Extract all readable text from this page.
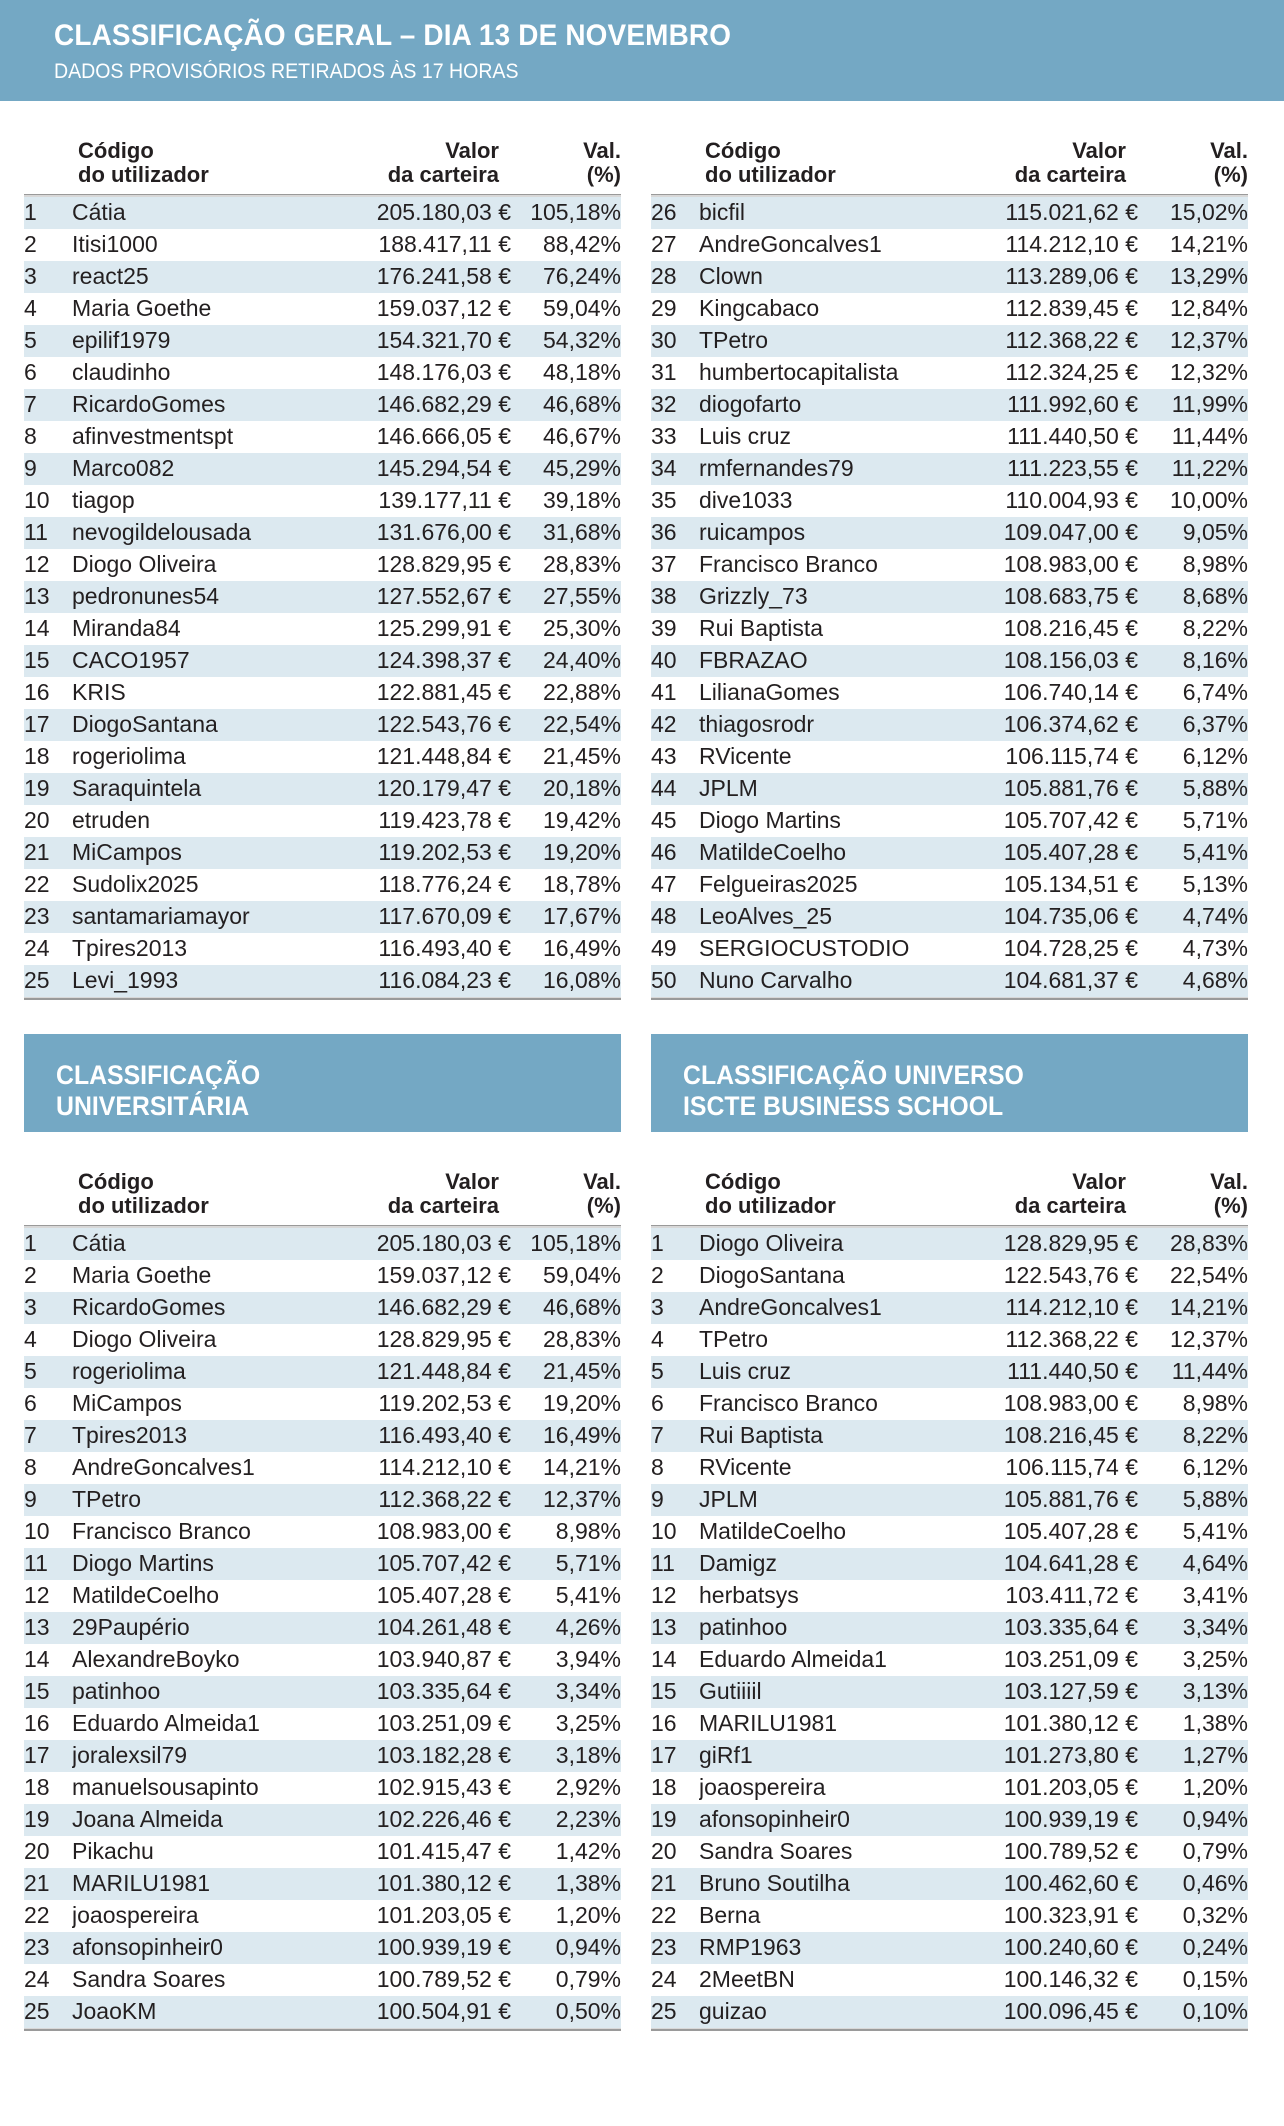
CLASSIFICAÇÃO GERAL – DIA 13 DE NOVEMBRO
DADOS PROVISÓRIOS RETIRADOS ÀS 17 HORAS
	Código
do utilizador	Valor
da carteira	Val.
(%)

1	Cátia	205.180,03 €	105,18%
2	Itisi1000	188.417,11 €	88,42%
3	react25	176.241,58 €	76,24%
4	Maria Goethe	159.037,12 €	59,04%
5	epilif1979	154.321,70 €	54,32%
6	claudinho	148.176,03 €	48,18%
7	RicardoGomes	146.682,29 €	46,68%
8	afinvestmentspt	146.666,05 €	46,67%
9	Marco082	145.294,54 €	45,29%
10	tiagop	139.177,11 €	39,18%
11	nevogildelousada	131.676,00 €	31,68%
12	Diogo Oliveira	128.829,95 €	28,83%
13	pedronunes54	127.552,67 €	27,55%
14	Miranda84	125.299,91 €	25,30%
15	CACO1957	124.398,37 €	24,40%
16	KRIS	122.881,45 €	22,88%
17	DiogoSantana	122.543,76 €	22,54%
18	rogeriolima	121.448,84 €	21,45%
19	Saraquintela	120.179,47 €	20,18%
20	etruden	119.423,78 €	19,42%
21	MiCampos	119.202,53 €	19,20%
22	Sudolix2025	118.776,24 €	18,78%
23	santamariamayor	117.670,09 €	17,67%
24	Tpires2013	116.493,40 €	16,49%
25	Levi_1993	116.084,23 €	16,08%

	Código
do utilizador	Valor
da carteira	Val.
(%)

26	bicfil	115.021,62 €	15,02%
27	AndreGoncalves1	114.212,10 €	14,21%
28	Clown	113.289,06 €	13,29%
29	Kingcabaco	112.839,45 €	12,84%
30	TPetro	112.368,22 €	12,37%
31	humbertocapitalista	112.324,25 €	12,32%
32	diogofarto	111.992,60 €	11,99%
33	Luis cruz	111.440,50 €	11,44%
34	rmfernandes79	111.223,55 €	11,22%
35	dive1033	110.004,93 €	10,00%
36	ruicampos	109.047,00 €	9,05%
37	Francisco Branco	108.983,00 €	8,98%
38	Grizzly_73	108.683,75 €	8,68%
39	Rui Baptista	108.216,45 €	8,22%
40	FBRAZAO	108.156,03 €	8,16%
41	LilianaGomes	106.740,14 €	6,74%
42	thiagosrodr	106.374,62 €	6,37%
43	RVicente	106.115,74 €	6,12%
44	JPLM	105.881,76 €	5,88%
45	Diogo Martins	105.707,42 €	5,71%
46	MatildeCoelho	105.407,28 €	5,41%
47	Felgueiras2025	105.134,51 €	5,13%
48	LeoAlves_25	104.735,06 €	4,74%
49	SERGIOCUSTODIO	104.728,25 €	4,73%
50	Nuno Carvalho	104.681,37 €	4,68%

CLASSIFICAÇÃO
UNIVERSITÁRIA
CLASSIFICAÇÃO UNIVERSO
ISCTE BUSINESS SCHOOL
	Código
do utilizador	Valor
da carteira	Val.
(%)

1	Cátia	205.180,03 €	105,18%
2	Maria Goethe	159.037,12 €	59,04%
3	RicardoGomes	146.682,29 €	46,68%
4	Diogo Oliveira	128.829,95 €	28,83%
5	rogeriolima	121.448,84 €	21,45%
6	MiCampos	119.202,53 €	19,20%
7	Tpires2013	116.493,40 €	16,49%
8	AndreGoncalves1	114.212,10 €	14,21%
9	TPetro	112.368,22 €	12,37%
10	Francisco Branco	108.983,00 €	8,98%
11	Diogo Martins	105.707,42 €	5,71%
12	MatildeCoelho	105.407,28 €	5,41%
13	29Paupério	104.261,48 €	4,26%
14	AlexandreBoyko	103.940,87 €	3,94%
15	patinhoo	103.335,64 €	3,34%
16	Eduardo Almeida1	103.251,09 €	3,25%
17	joralexsil79	103.182,28 €	3,18%
18	manuelsousapinto	102.915,43 €	2,92%
19	Joana Almeida	102.226,46 €	2,23%
20	Pikachu	101.415,47 €	1,42%
21	MARILU1981	101.380,12 €	1,38%
22	joaospereira	101.203,05 €	1,20%
23	afonsopinheir0	100.939,19 €	0,94%
24	Sandra Soares	100.789,52 €	0,79%
25	JoaoKM	100.504,91 €	0,50%

	Código
do utilizador	Valor
da carteira	Val.
(%)

1	Diogo Oliveira	128.829,95 €	28,83%
2	DiogoSantana	122.543,76 €	22,54%
3	AndreGoncalves1	114.212,10 €	14,21%
4	TPetro	112.368,22 €	12,37%
5	Luis cruz	111.440,50 €	11,44%
6	Francisco Branco	108.983,00 €	8,98%
7	Rui Baptista	108.216,45 €	8,22%
8	RVicente	106.115,74 €	6,12%
9	JPLM	105.881,76 €	5,88%
10	MatildeCoelho	105.407,28 €	5,41%
11	Damigz	104.641,28 €	4,64%
12	herbatsys	103.411,72 €	3,41%
13	patinhoo	103.335,64 €	3,34%
14	Eduardo Almeida1	103.251,09 €	3,25%
15	Gutiiiil	103.127,59 €	3,13%
16	MARILU1981	101.380,12 €	1,38%
17	giRf1	101.273,80 €	1,27%
18	joaospereira	101.203,05 €	1,20%
19	afonsopinheir0	100.939,19 €	0,94%
20	Sandra Soares	100.789,52 €	0,79%
21	Bruno Soutilha	100.462,60 €	0,46%
22	Berna	100.323,91 €	0,32%
23	RMP1963	100.240,60 €	0,24%
24	2MeetBN	100.146,32 €	0,15%
25	guizao	100.096,45 €	0,10%
